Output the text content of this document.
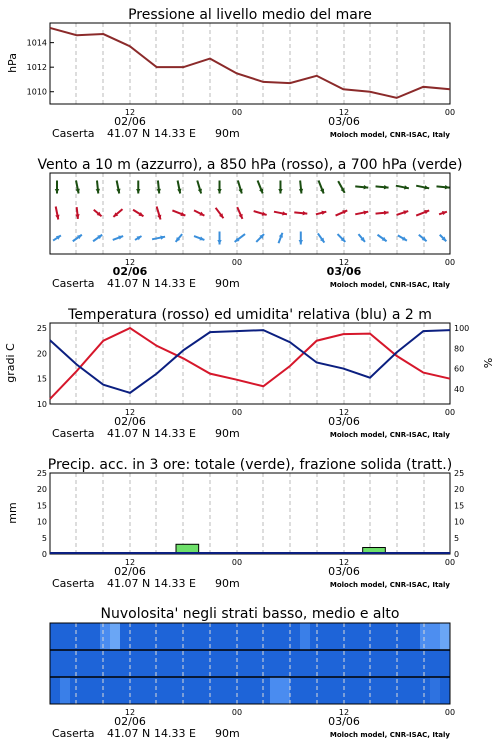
Pressione al livello medio del mare
hPa
1010
1012
1014
Vento a 10 m (azzurro), a 850 hPa (rosso), a 700 hPa (verde)
Temperatura (rosso) ed umidita' relativa (blu) a 2 m
gradi C	%
10
15
20
25
40
60
80
100
Precip. acc. in 3 ore: totale (verde), frazione solida (tratt.)
mm
0	0
5	5
10	10
15	15
20	20
25	25
Nuvolosita' negli strati basso, medio e alto
12	00	12	00
02/06	03/06
Caserta 41.07 N 14.33 E 90m	Moloch model, CNR-ISAC, Italy
12	00	12	00
02/06	03/06
Caserta 41.07 N 14.33 E 90m	Moloch model, CNR-ISAC, Italy
12	00	12	00
02/06	03/06
Caserta 41.07 N 14.33 E 90m	Moloch model, CNR-ISAC, Italy
12	00	12	00
02/06	03/06
Caserta 41.07 N 14.33 E 90m	Moloch model, CNR-ISAC, Italy
12	00	12	00
02/06	03/06
Caserta 41.07 N 14.33 E 90m	Moloch model, CNR-ISAC, Italy
